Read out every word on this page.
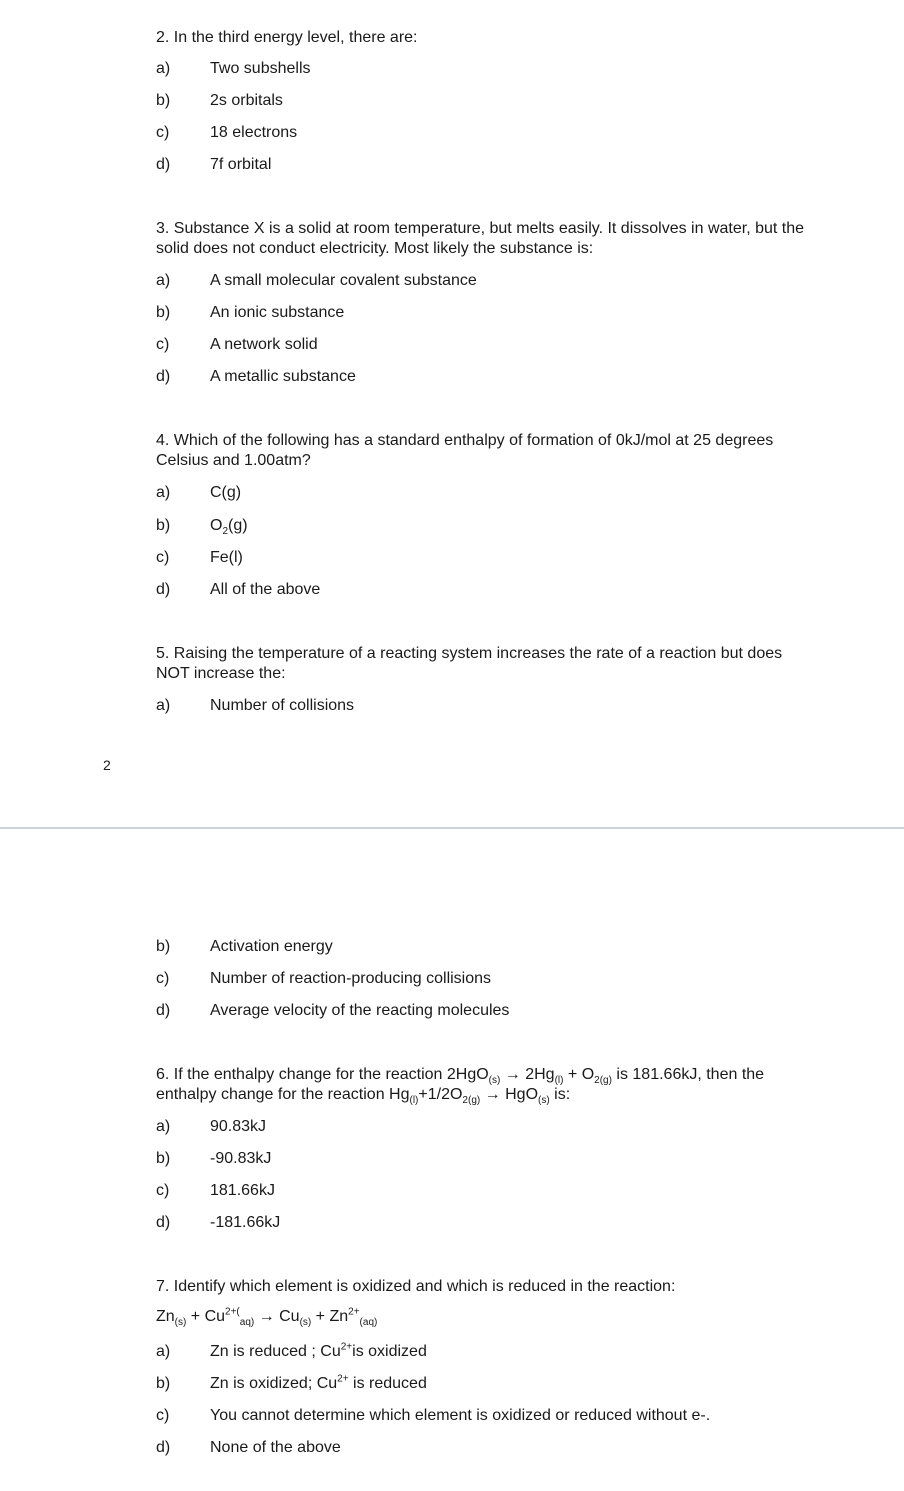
2. In the third energy level, there are:
a)	Two subshells
b)	2s orbitals
c)	18 electrons
d)	7f orbital
3. Substance X is a solid at room temperature, but melts easily. It dissolves in water, but the solid does not conduct electricity. Most likely the substance is:
a)	A small molecular covalent substance
b)	An ionic substance
c)	A network solid
d)	A metallic substance
4. Which of the following has a standard enthalpy of formation of 0kJ/mol at 25 degrees Celsius and 1.00atm?
a)	C(g)
b)	$O_2(g)$
c)	Fe(l)
d)	All of the above
5. Raising the temperature of a reacting system increases the rate of a reaction but does NOT increase the:
a)	Number of collisions
2
b)	Activation energy
c)	Number of reaction-producing collisions
d)	Average velocity of the reacting molecules
6. If the enthalpy change for the reaction $2HgO_{(s)} \to 2Hg_{(l)} + O_{2(g)}$ is 181.66kJ, then the
enthalpy change for the reaction $Hg_{(l)}+1/2O_{2(g)} \to HgO_{(s)}$ is:
a)	90.83kJ
b)	-90.83kJ
c)	181.66kJ
d)	-181.66kJ
7. Identify which element is oxidized and which is reduced in the reaction:
$Zn_{(s)} + Cu^{2+(}_{aq)} \to Cu_{(s)} + Zn^{2+}_{(aq)}$
a)	Zn is reduced ; $Cu^{2+}is$ oxidized
b)	Zn is oxidized; $Cu^{2+}$ is reduced
c)	You cannot determine which element is oxidized or reduced without e-.
d)	None of the above
